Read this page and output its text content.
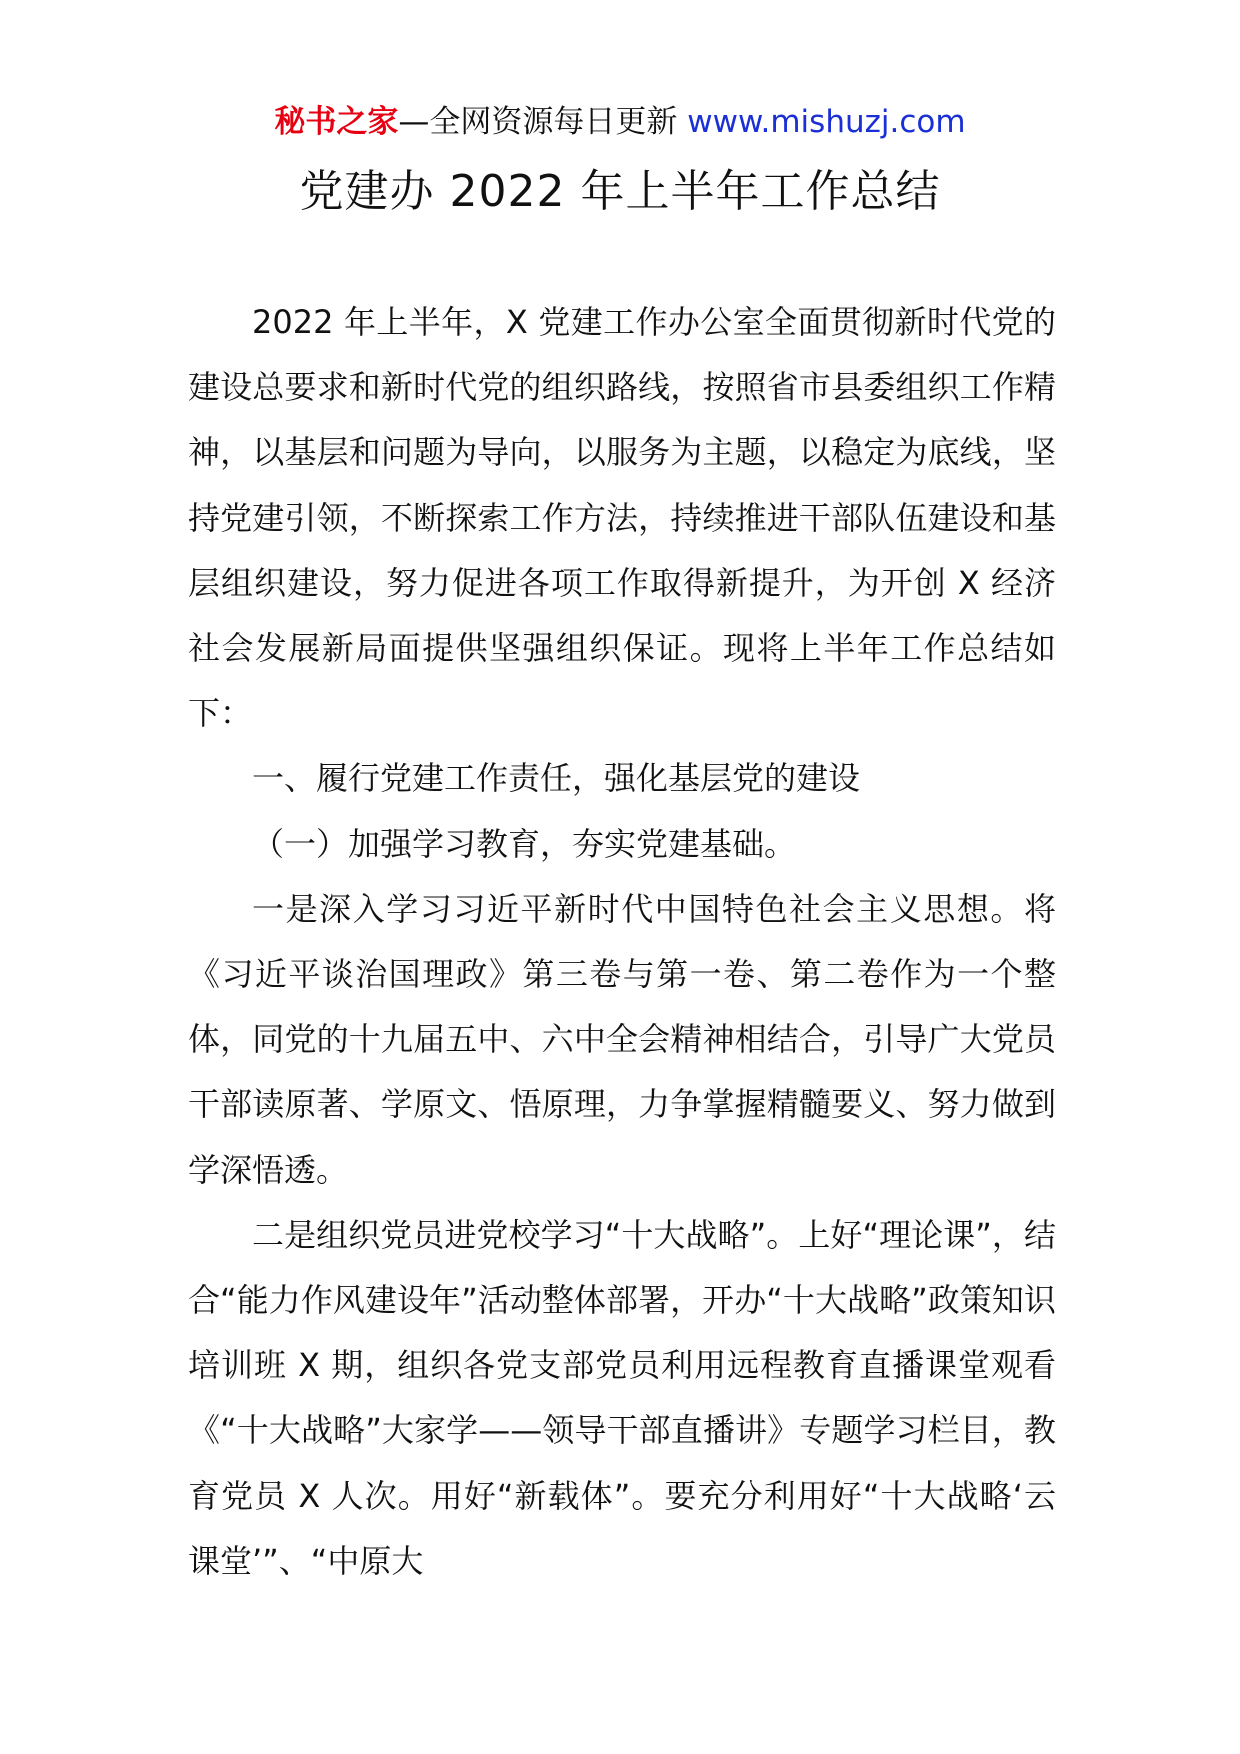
秘书之家—全网资源每日更新 www.mishuzj.com
党建办 2022 年上半年工作总结

2022 年上半年，X 党建工作办公室全面贯彻新时代党的建设总要求和新时代党的组织路线，按照省市县委组织工作精神，以基层和问题为导向，以服务为主题，以稳定为底线，坚持党建引领，不断探索工作方法，持续推进干部队伍建设和基层组织建设，努力促进各项工作取得新提升，为开创 X 经济社会发展新局面提供坚强组织保证。现将上半年工作总结如下：

一、履行党建工作责任，强化基层党的建设

（一）加强学习教育，夯实党建基础。

一是深入学习习近平新时代中国特色社会主义思想。将《习近平谈治国理政》第三卷与第一卷、第二卷作为一个整体，同党的十九届五中、六中全会精神相结合，引导广大党员干部读原著、学原文、悟原理，力争掌握精髓要义、努力做到学深悟透。

二是组织党员进党校学习“十大战略”。上好“理论课”，结合“能力作风建设年”活动整体部署，开办“十大战略”政策知识培训班 X 期，组织各党支部党员利用远程教育直播课堂观看《“十大战略”大家学——领导干部直播讲》专题学习栏目，教育党员 X 人次。用好“新载体”。要充分利用好“十大战略‘云课堂’”、“中原大
